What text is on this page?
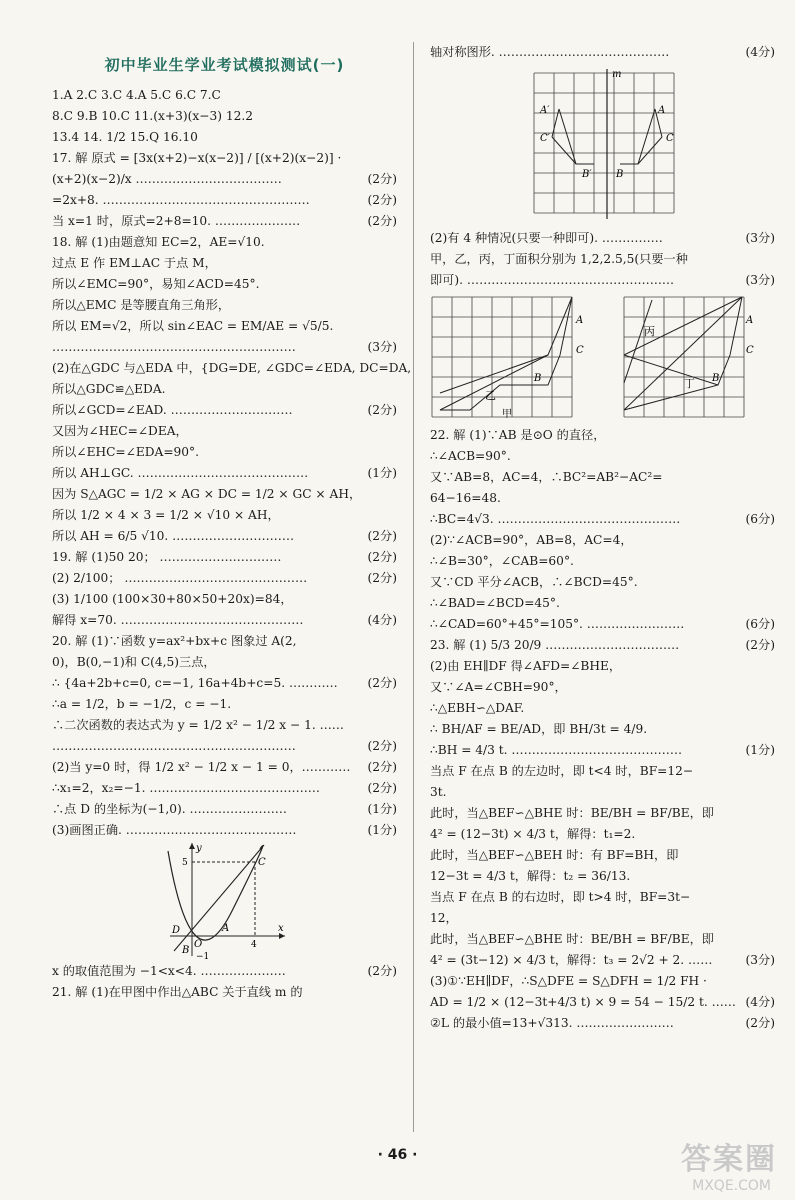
初中毕业生学业考试模拟测试(一)
1.A 2.C 3.C 4.A 5.C 6.C 7.C
8.C 9.B 10.C 11.(x+3)(x−3) 12.2
13.4 14. 1/2 15.Q 16.10
17. 解 原式 = [3x(x+2)−x(x−2)] / [(x+2)(x−2)] ·
(x+2)(x−2)/x ………………………………	(2分)
=2x+8. ……………………………………………	(2分)
当 x=1 时，原式=2+8=10. …………………	(2分)
18. 解 (1)由题意知 EC=2，AE=√10.
过点 E 作 EM⊥AC 于点 M，
所以∠EMC=90°，易知∠ACD=45°.
所以△EMC 是等腰直角三角形，
所以 EM=√2，所以 sin∠EAC = EM/AE = √5/5.
……………………………………………………	(3分)
(2)在△GDC 与△EDA 中，{DG=DE, ∠GDC=∠EDA, DC=DA,
所以△GDC≌△EDA.
所以∠GCD=∠EAD. …………………………	(2分)
又因为∠HEC=∠DEA，
所以∠EHC=∠EDA=90°.
所以 AH⊥GC. ……………………………………	(1分)
因为 S△AGC = 1/2 × AG × DC = 1/2 × GC × AH，
所以 1/2 × 4 × 3 = 1/2 × √10 × AH，
所以 AH = 6/5 √10. …………………………	(2分)
19. 解 (1)50 20； …………………………	(2分)
(2) 2/100； ………………………………………	(2分)
(3) 1/100 (100×30+80×50+20x)=84，
解得 x=70. ………………………………………	(4分)
20. 解 (1)∵函数 y=ax²+bx+c 图象过 A(2,
0)，B(0,−1)和 C(4,5)三点，
∴ {4a+2b+c=0, c=−1, 16a+4b+c=5. ………… (2分)
∴a = 1/2，b = −1/2，c = −1.
∴二次函数的表达式为 y = 1/2 x² − 1/2 x − 1. ……
……………………………………………………	(2分)
(2)当 y=0 时，得 1/2 x² − 1/2 x − 1 = 0，………… (2分)
∴x₁=2，x₂=−1. ……………………………………	(2分)
∴点 D 的坐标为(−1,0). ……………………	(1分)
(3)画图正确. ……………………………………	(1分)
y
x
5	C
A
D
O
B
−1
4
x 的取值范围为 −1<x<4. …………………	(2分)
21. 解 (1)在甲图中作出△ABC 关于直线 m 的
轴对称图形. ……………………………………	(4分)
m
A′
C′
B′
A
C
B
(2)有 4 种情况(只要一种即可). ……………	(3分)
甲，乙，丙，丁面积分别为 1,2,2.5,5(只要一种
即可). ……………………………………………	(3分)
A
C
B
乙
甲
A
C
B
丙
丁
22. 解 (1)∵AB 是⊙O 的直径，
∴∠ACB=90°.
又∵AB=8，AC=4，∴BC²=AB²−AC²=
64−16=48.
∴BC=4√3. ………………………………………	(6分)
(2)∵∠ACB=90°，AB=8，AC=4，
∴∠B=30°，∠CAB=60°.
又∵CD 平分∠ACB，∴∠BCD=45°.
∴∠BAD=∠BCD=45°.
∴∠CAD=60°+45°=105°. ……………………	(6分)
23. 解 (1) 5/3 20/9 ……………………………	(2分)
(2)由 EH∥DF 得∠AFD=∠BHE，
又∵∠A=∠CBH=90°，
∴△EBH∽△DAF.
∴ BH/AF = BE/AD，即 BH/3t = 4/9.
∴BH = 4/3 t. ……………………………………	(1分)
当点 F 在点 B 的左边时，即 t<4 时，BF=12−
3t.
此时，当△BEF∽△BHE 时：BE/BH = BF/BE，即
4² = (12−3t) × 4/3 t，解得：t₁=2.
此时，当△BEF∽△BEH 时：有 BF=BH，即
12−3t = 4/3 t，解得：t₂ = 36/13.
当点 F 在点 B 的右边时，即 t>4 时，BF=3t−
12，
此时，当△BEF∽△BHE 时：BE/BH = BF/BE，即
4² = (3t−12) × 4/3 t，解得：t₃ = 2√2 + 2. ……	(3分)
(3)①∵EH∥DF，∴S△DFE = S△DFH = 1/2 FH ·
AD = 1/2 × (12−3t+4/3 t) × 9 = 54 − 15/2 t. …… (4分)
②L 的最小值=13+√313. ……………………	(2分)
· 46 ·	答案圈
MXQE.COM
